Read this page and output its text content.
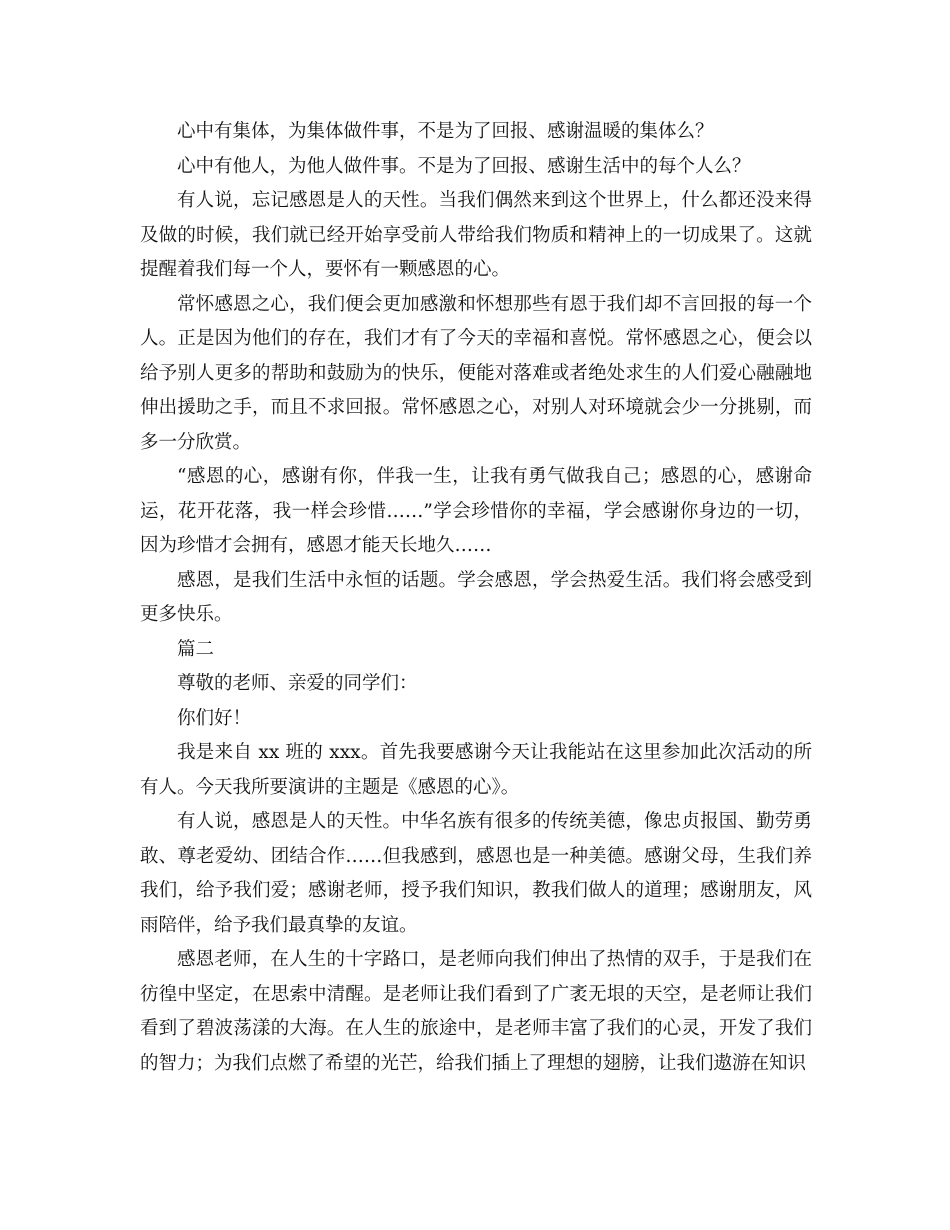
心中有集体，为集体做件事，不是为了回报、感谢温暖的集体么？

心中有他人，为他人做件事。不是为了回报、感谢生活中的每个人么？

有人说，忘记感恩是人的天性。当我们偶然来到这个世界上，什么都还没来得及做的时候，我们就已经开始享受前人带给我们物质和精神上的一切成果了。这就提醒着我们每一个人，要怀有一颗感恩的心。

常怀感恩之心，我们便会更加感激和怀想那些有恩于我们却不言回报的每一个人。正是因为他们的存在，我们才有了今天的幸福和喜悦。常怀感恩之心，便会以给予别人更多的帮助和鼓励为的快乐，便能对落难或者绝处求生的人们爱心融融地伸出援助之手，而且不求回报。常怀感恩之心，对别人对环境就会少一分挑剔，而多一分欣赏。

“感恩的心，感谢有你，伴我一生，让我有勇气做我自己；感恩的心，感谢命运，花开花落，我一样会珍惜……”学会珍惜你的幸福，学会感谢你身边的一切，因为珍惜才会拥有，感恩才能天长地久……

感恩，是我们生活中永恒的话题。学会感恩，学会热爱生活。我们将会感受到更多快乐。

篇二

尊敬的老师、亲爱的同学们：

你们好！

我是来自 xx 班的 xxx。首先我要感谢今天让我能站在这里参加此次活动的所有人。今天我所要演讲的主题是《感恩的心》。

有人说，感恩是人的天性。中华名族有很多的传统美德，像忠贞报国、勤劳勇敢、尊老爱幼、团结合作……但我感到，感恩也是一种美德。感谢父母，生我们养我们，给予我们爱；感谢老师，授予我们知识，教我们做人的道理；感谢朋友，风雨陪伴，给予我们最真挚的友谊。

感恩老师，在人生的十字路口，是老师向我们伸出了热情的双手，于是我们在彷徨中坚定，在思索中清醒。是老师让我们看到了广袤无垠的天空，是老师让我们看到了碧波荡漾的大海。在人生的旅途中，是老师丰富了我们的心灵，开发了我们的智力；为我们点燃了希望的光芒，给我们插上了理想的翅膀，让我们遨游在知识
